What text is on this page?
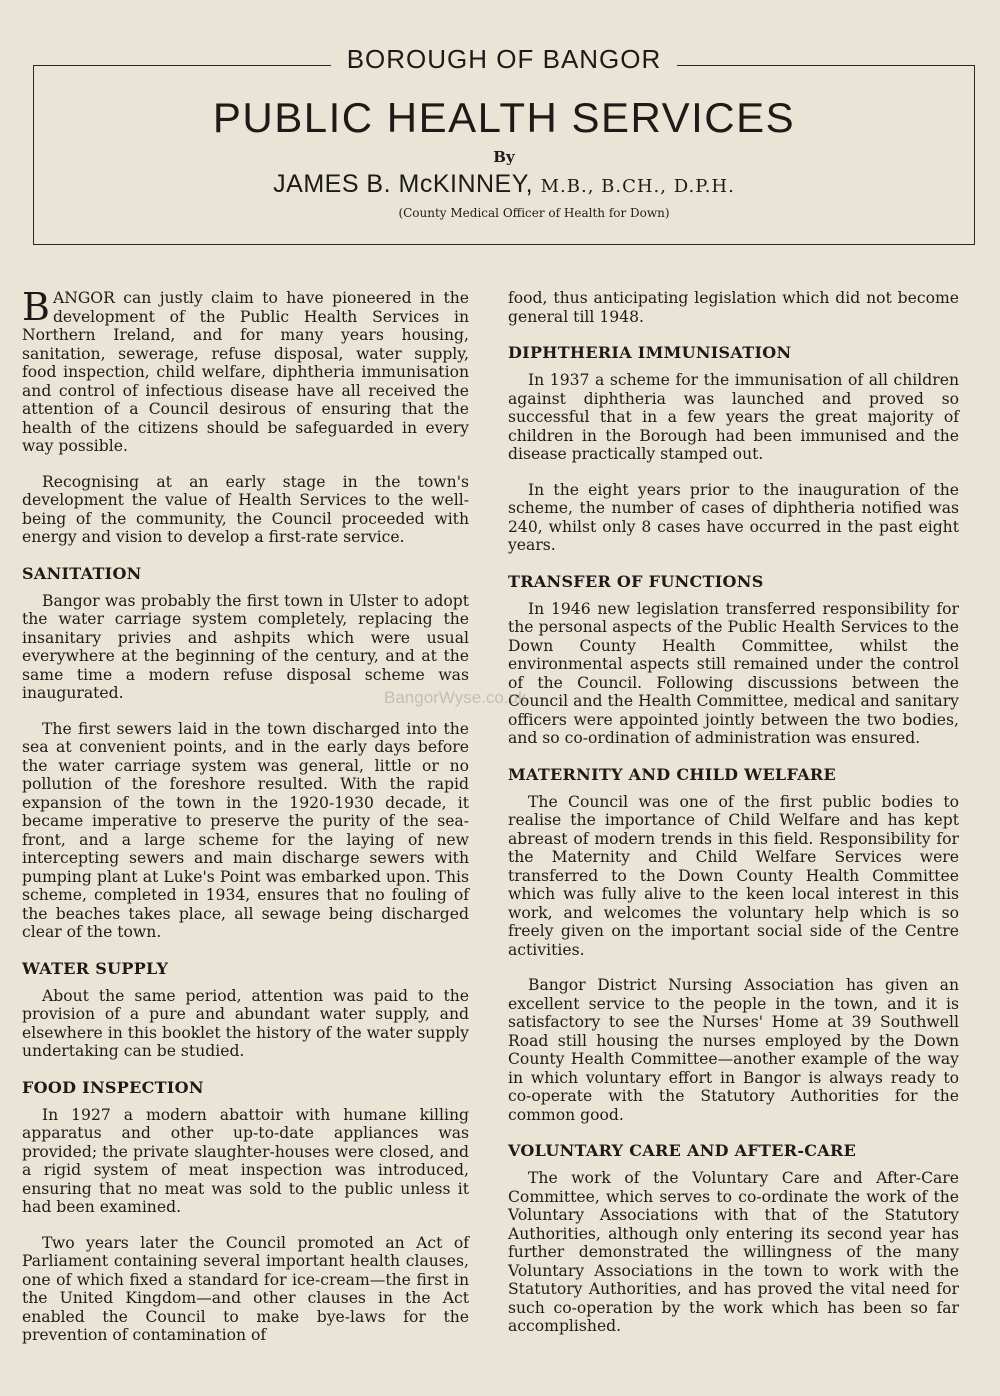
BOROUGH OF BANGOR
PUBLIC HEALTH SERVICES
By
JAMES B. McKINNEY, M.B., B.CH., D.P.H.
(County Medical Officer of Health for Down)

BANGOR can justly claim to have pioneered in the development of the Public Health Services in Northern Ireland, and for many years housing, sanitation, sewerage, refuse disposal, water supply, food inspection, child welfare, diphtheria immunisation and control of infectious disease have all received the attention of a Council desirous of ensuring that the health of the citizens should be safeguarded in every way possible.

Recognising at an early stage in the town's development the value of Health Services to the well-being of the community, the Council proceeded with energy and vision to develop a first-rate service.

SANITATION

Bangor was probably the first town in Ulster to adopt the water carriage system completely, replacing the insanitary privies and ashpits which were usual everywhere at the beginning of the century, and at the same time a modern refuse disposal scheme was inaugurated.

The first sewers laid in the town discharged into the sea at convenient points, and in the early days before the water carriage system was general, little or no pollution of the foreshore resulted. With the rapid expansion of the town in the 1920-1930 decade, it became imperative to preserve the purity of the sea-front, and a large scheme for the laying of new intercepting sewers and main discharge sewers with pumping plant at Luke's Point was embarked upon. This scheme, completed in 1934, ensures that no fouling of the beaches takes place, all sewage being discharged clear of the town.

WATER SUPPLY

About the same period, attention was paid to the provision of a pure and abundant water supply, and elsewhere in this booklet the history of the water supply undertaking can be studied.

FOOD INSPECTION

In 1927 a modern abattoir with humane killing apparatus and other up-to-date appliances was provided; the private slaughter-houses were closed, and a rigid system of meat inspection was introduced, ensuring that no meat was sold to the public unless it had been examined.

Two years later the Council promoted an Act of Parliament containing several important health clauses, one of which fixed a standard for ice-cream—the first in the United Kingdom—and other clauses in the Act enabled the Council to make bye-laws for the prevention of contamination of

food, thus anticipating legislation which did not become general till 1948.

DIPHTHERIA IMMUNISATION

In 1937 a scheme for the immunisation of all children against diphtheria was launched and proved so successful that in a few years the great majority of children in the Borough had been immunised and the disease practically stamped out.

In the eight years prior to the inauguration of the scheme, the number of cases of diphtheria notified was 240, whilst only 8 cases have occurred in the past eight years.

TRANSFER OF FUNCTIONS

In 1946 new legislation transferred responsibility for the personal aspects of the Public Health Services to the Down County Health Committee, whilst the environmental aspects still remained under the control of the Council. Following discussions between the Council and the Health Committee, medical and sanitary officers were appointed jointly between the two bodies, and so co-ordination of administration was ensured.

MATERNITY AND CHILD WELFARE

The Council was one of the first public bodies to realise the importance of Child Welfare and has kept abreast of modern trends in this field. Responsibility for the Maternity and Child Welfare Services were transferred to the Down County Health Committee which was fully alive to the keen local interest in this work, and welcomes the voluntary help which is so freely given on the important social side of the Centre activities.

Bangor District Nursing Association has given an excellent service to the people in the town, and it is satisfactory to see the Nurses' Home at 39 Southwell Road still housing the nurses employed by the Down County Health Committee—another example of the way in which voluntary effort in Bangor is always ready to co-operate with the Statutory Authorities for the common good.

VOLUNTARY CARE AND AFTER-CARE

The work of the Voluntary Care and After-Care Committee, which serves to co-ordinate the work of the Voluntary Associations with that of the Statutory Authorities, although only entering its second year has further demonstrated the willingness of the many Voluntary Associations in the town to work with the Statutory Authorities, and has proved the vital need for such co-operation by the work which has been so far accomplished.

BangorWyse.co.uk
